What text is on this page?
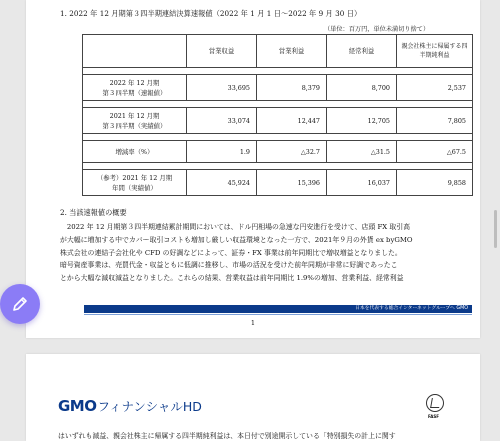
1. 2022 年 12 月期第３四半期連結決算速報値（2022 年 1 月 1 日〜2022 年 9 月 30 日）
（単位：百万円，単位未満切り捨て）
	営業収益	営業利益	経常利益	親会社株主に帰属する四半期純利益

2022 年 12 月期
第３四半期（速報値）	33,695	8,379	8,700	2,537

2021 年 12 月期
第３四半期（実績値）	33,074	12,447	12,705	7,805

増減率（%）	1.9	△32.7	△31.5	△67.5

（参考）2021 年 12 月期
年間（実績値）	45,924	15,396	16,037	9,858
2. 当該速報値の概要
　2022 年 12 月期第３四半期連結累計期間においては、ドル円相場の急速な円安進行を受けて、店頭 FX 取引高
が大幅に増加する中でカバー取引コストも増加し厳しい収益環境となった一方で、2021年９月の外貨 ex byGMO
株式会社の連結子会社化や CFD の好調などによって、証券・FX 事業は前年同期比で増収増益となりました。
暗号資産事業は、売買代金・収益ともに低調に推移し、市場の活況を受けた前年同期が非常に好調であったこ
とから大幅な減収減益となりました。これらの結果、営業収益は前年同期比 1.9%の増加、営業利益、経常利益
日本を代表する総合インターネットグループへ GMO
1
GMOフィナンシャルHD
FASF
はいずれも減益、親会社株主に帰属する四半期純利益は、本日付で別途開示している「特別損失の計上に関す
